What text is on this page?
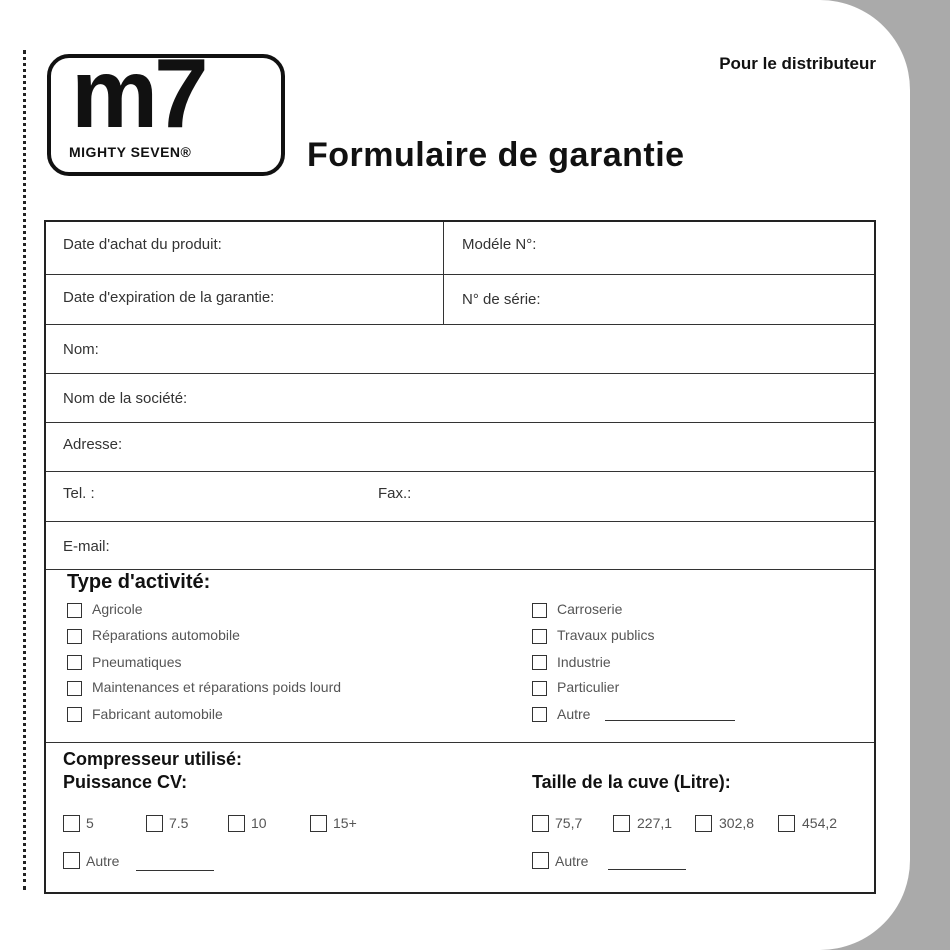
m7
MIGHTY SEVEN®
Pour le distributeur
Formulaire de garantie
Date d'achat du produit:	Modéle N°:
Date d'expiration de la garantie:	N° de série:
Nom:
Nom de la société:
Adresse:
Tel. :	Fax.:
E-mail:
Type d'activité:
Agricole
Réparations automobile
Pneumatiques
Maintenances et réparations poids lourd
Fabricant automobile
Carroserie
Travaux publics
Industrie
Particulier
Autre
Compresseur utilisé:
Puissance CV:	Taille de la cuve (Litre):
5	7.5	10	15+
Autre
75,7	227,1	302,8	454,2
Autre
